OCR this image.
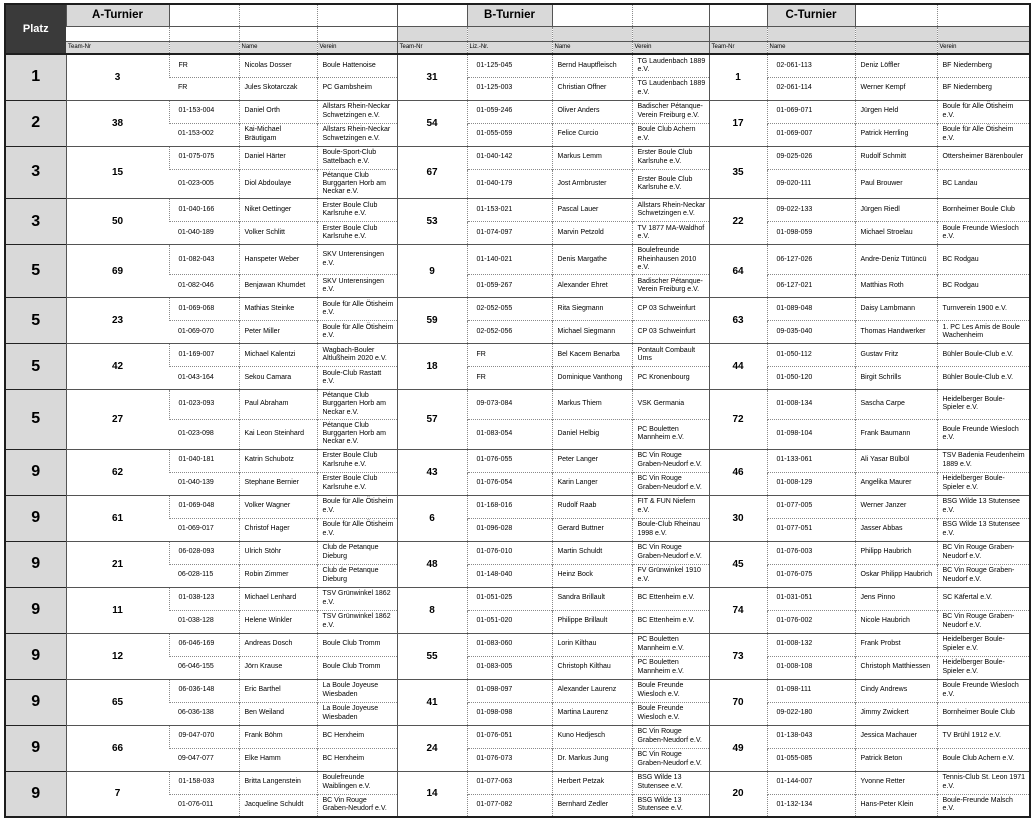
Platz	A-Turnier					B-Turnier				C-Turnier		

	Team-Nr		Name	Verein	Team-Nr	Liz.-Nr.	Name	Verein	Team-Nr	Name		Verein
1	3	FR	Nicolas Dosser	Boule Hattenoise	31	01-125-045	Bernd Hauptfleisch	TG Laudenbach 1889 e.V.	1	02-061-113	Deniz Löffler	BF Niedernberg
		FR	Jules Skotarczak	PC Gambsheim		01-125-003	Christian Offner	TG Laudenbach 1889 e.V.		02-061-114	Werner Kempf	BF Niedernberg
2	38	01-153-004	Daniel Orth	Allstars Rhein-Neckar Schwetzingen e.V.	54	01-059-246	Oliver Anders	Badischer Pétanque-Verein Freiburg e.V.	17	01-069-071	Jürgen Held	Boule für Alle Ötisheim e.V.
		01-153-002	Kai-Michael Bräutigam	Allstars Rhein-Neckar Schwetzingen e.V.		01-055-059	Felice Curcio	Boule Club Achern e.V.		01-069-007	Patrick Herrling	Boule für Alle Ötisheim e.V.
3	15	01-075-075	Daniel Härter	Boule-Sport-Club Sattelbach e.V.	67	01-040-142	Markus Lemm	Erster Boule Club Karlsruhe e.V.	35	09-025-026	Rudolf Schmitt	Ottersheimer Bärenbouler
		01-023-005	Diol Abdoulaye	Pétanque Club Burggarten Horb am Neckar e.V.		01-040-179	Jost Armbruster	Erster Boule Club Karlsruhe e.V.		09-020-111	Paul Brouwer	BC Landau
3	50	01-040-166	Niket Oettinger	Erster Boule Club Karlsruhe e.V.	53	01-153-021	Pascal Lauer	Allstars Rhein-Neckar Schwetzingen e.V.	22	09-022-133	Jürgen Riedl	Bornheimer Boule Club
		01-040-189	Volker Schlitt	Erster Boule Club Karlsruhe e.V.		01-074-097	Marvin Petzold	TV 1877 MA-Waldhof e.V.		01-098-059	Michael Stroelau	Boule Freunde Wiesloch e.V.
5	69	01-082-043	Hanspeter Weber	SKV Unterensingen e.V.	9	01-140-021	Denis Margathe	Boulefreunde Rheinhausen 2010 e.V.	64	06-127-026	Andre-Deniz Tütüncü	BC Rodgau
		01-082-046	Benjawan Khumdet	SKV Unterensingen e.V.		01-059-267	Alexander Ehret	Badischer Pétanque-Verein Freiburg e.V.		06-127-021	Matthias Roth	BC Rodgau
5	23	01-069-068	Mathias Steinke	Boule für Alle Ötisheim e.V.	59	02-052-055	Rita Siegmann	CP 03 Schweinfurt	63	01-089-048	Daisy Lambmann	Turnverein 1900 e.V.
		01-069-070	Peter Miller	Boule für Alle Ötisheim e.V.		02-052-056	Michael Siegmann	CP 03 Schweinfurt		09-035-040	Thomas Handwerker	1. PC Les Amis de Boule Wachenheim
5	42	01-169-007	Michael Kalentzi	Wagbach-Bouler Altlußheim 2020 e.V.	18	FR	Bel Kacem Benarba	Pontault Combault Ums	44	01-050-112	Gustav Fritz	Bühler Boule-Club e.V.
		01-043-164	Sekou Camara	Boule-Club Rastatt e.V.		FR	Dominique Vanthong	PC Kronenbourg		01-050-120	Birgit Schrills	Bühler Boule-Club e.V.
5	27	01-023-093	Paul Abraham	Pétanque Club Burggarten Horb am Neckar e.V.	57	09-073-084	Markus Thiem	VSK Germania	72	01-008-134	Sascha Carpe	Heidelberger Boule-Spieler e.V.
		01-023-098	Kai Leon Steinhard	Pétanque Club Burggarten Horb am Neckar e.V.		01-083-054	Daniel Helbig	PC Bouletten Mannheim e.V.		01-098-104	Frank Baumann	Boule Freunde Wiesloch e.V.
9	62	01-040-181	Katrin Schubotz	Erster Boule Club Karlsruhe e.V.	43	01-076-055	Peter Langer	BC Vin Rouge Graben-Neudorf e.V.	46	01-133-061	Ali Yasar Bülbül	TSV Badenia Feudenheim 1889 e.V.
		01-040-139	Stephane Bernier	Erster Boule Club Karlsruhe e.V.		01-076-054	Karin Langer	BC Vin Rouge Graben-Neudorf e.V.		01-008-129	Angelika Maurer	Heidelberger Boule-Spieler e.V.
9	61	01-069-048	Volker Wagner	Boule für Alle Ötisheim e.V.	6	01-168-016	Rudolf Raab	FIT & FUN Niefern e.V.	30	01-077-005	Werner Janzer	BSG Wilde 13 Stutensee e.V.
		01-069-017	Christof Hager	Boule für Alle Ötisheim e.V.		01-096-028	Gerard Buttner	Boule-Club Rheinau 1998 e.V.		01-077-051	Jasser Abbas	BSG Wilde 13 Stutensee e.V.
9	21	06-028-093	Ulrich Stöhr	Club de Petanque Dieburg	48	01-076-010	Martin Schuldt	BC Vin Rouge Graben-Neudorf e.V.	45	01-076-003	Philipp Haubrich	BC Vin Rouge Graben-Neudorf e.V.
		06-028-115	Robin Zimmer	Club de Petanque Dieburg		01-148-040	Heinz Bock	FV Grünwinkel 1910 e.V.		01-076-075	Oskar Philipp Haubrich	BC Vin Rouge Graben-Neudorf e.V.
9	11	01-038-123	Michael Lenhard	TSV Grünwinkel 1862 e.V.	8	01-051-025	Sandra Brillault	BC Ettenheim e.V.	74	01-031-051	Jens Pinno	SC Käfertal e.V.
		01-038-128	Helene Winkler	TSV Grünwinkel 1862 e.V.		01-051-020	Philippe Brillault	BC Ettenheim e.V.		01-076-002	Nicole Haubrich	BC Vin Rouge Graben-Neudorf e.V.
9	12	06-046-169	Andreas Dosch	Boule Club Tromm	55	01-083-060	Lorin Kilthau	PC Bouletten Mannheim e.V.	73	01-008-132	Frank Probst	Heidelberger Boule-Spieler e.V.
		06-046-155	Jörn Krause	Boule Club Tromm		01-083-005	Christoph Kilthau	PC Bouletten Mannheim e.V.		01-008-108	Christoph Matthiessen	Heidelberger Boule-Spieler e.V.
9	65	06-036-148	Eric Barthel	La Boule Joyeuse Wiesbaden	41	01-098-097	Alexander Laurenz	Boule Freunde Wiesloch e.V.	70	01-098-111	Cindy Andrews	Boule Freunde Wiesloch e.V.
		06-036-138	Ben Weiland	La Boule Joyeuse Wiesbaden		01-098-098	Martina Laurenz	Boule Freunde Wiesloch e.V.		09-022-180	Jimmy Zwickert	Bornheimer Boule Club
9	66	09-047-070	Frank Böhm	BC Herxheim	24	01-076-051	Kuno Hedjesch	BC Vin Rouge Graben-Neudorf e.V.	49	01-138-043	Jessica Machauer	TV Brühl 1912 e.V.
		09-047-077	Elke Hamm	BC Herxheim		01-076-073	Dr. Markus Jung	BC Vin Rouge Graben-Neudorf e.V.		01-055-085	Patrick Beton	Boule Club Achern e.V.
9	7	01-158-033	Britta Langenstein	Boulefreunde Waiblingen e.V.	14	01-077-063	Herbert Petzak	BSG Wilde 13 Stutensee e.V.	20	01-144-007	Yvonne Retter	Tennis-Club St. Leon 1971 e.V.
		01-076-011	Jacqueline Schuldt	BC Vin Rouge Graben-Neudorf e.V.		01-077-082	Bernhard Zedler	BSG Wilde 13 Stutensee e.V.		01-132-134	Hans-Peter Klein	Boule-Freunde Malsch e.V.
